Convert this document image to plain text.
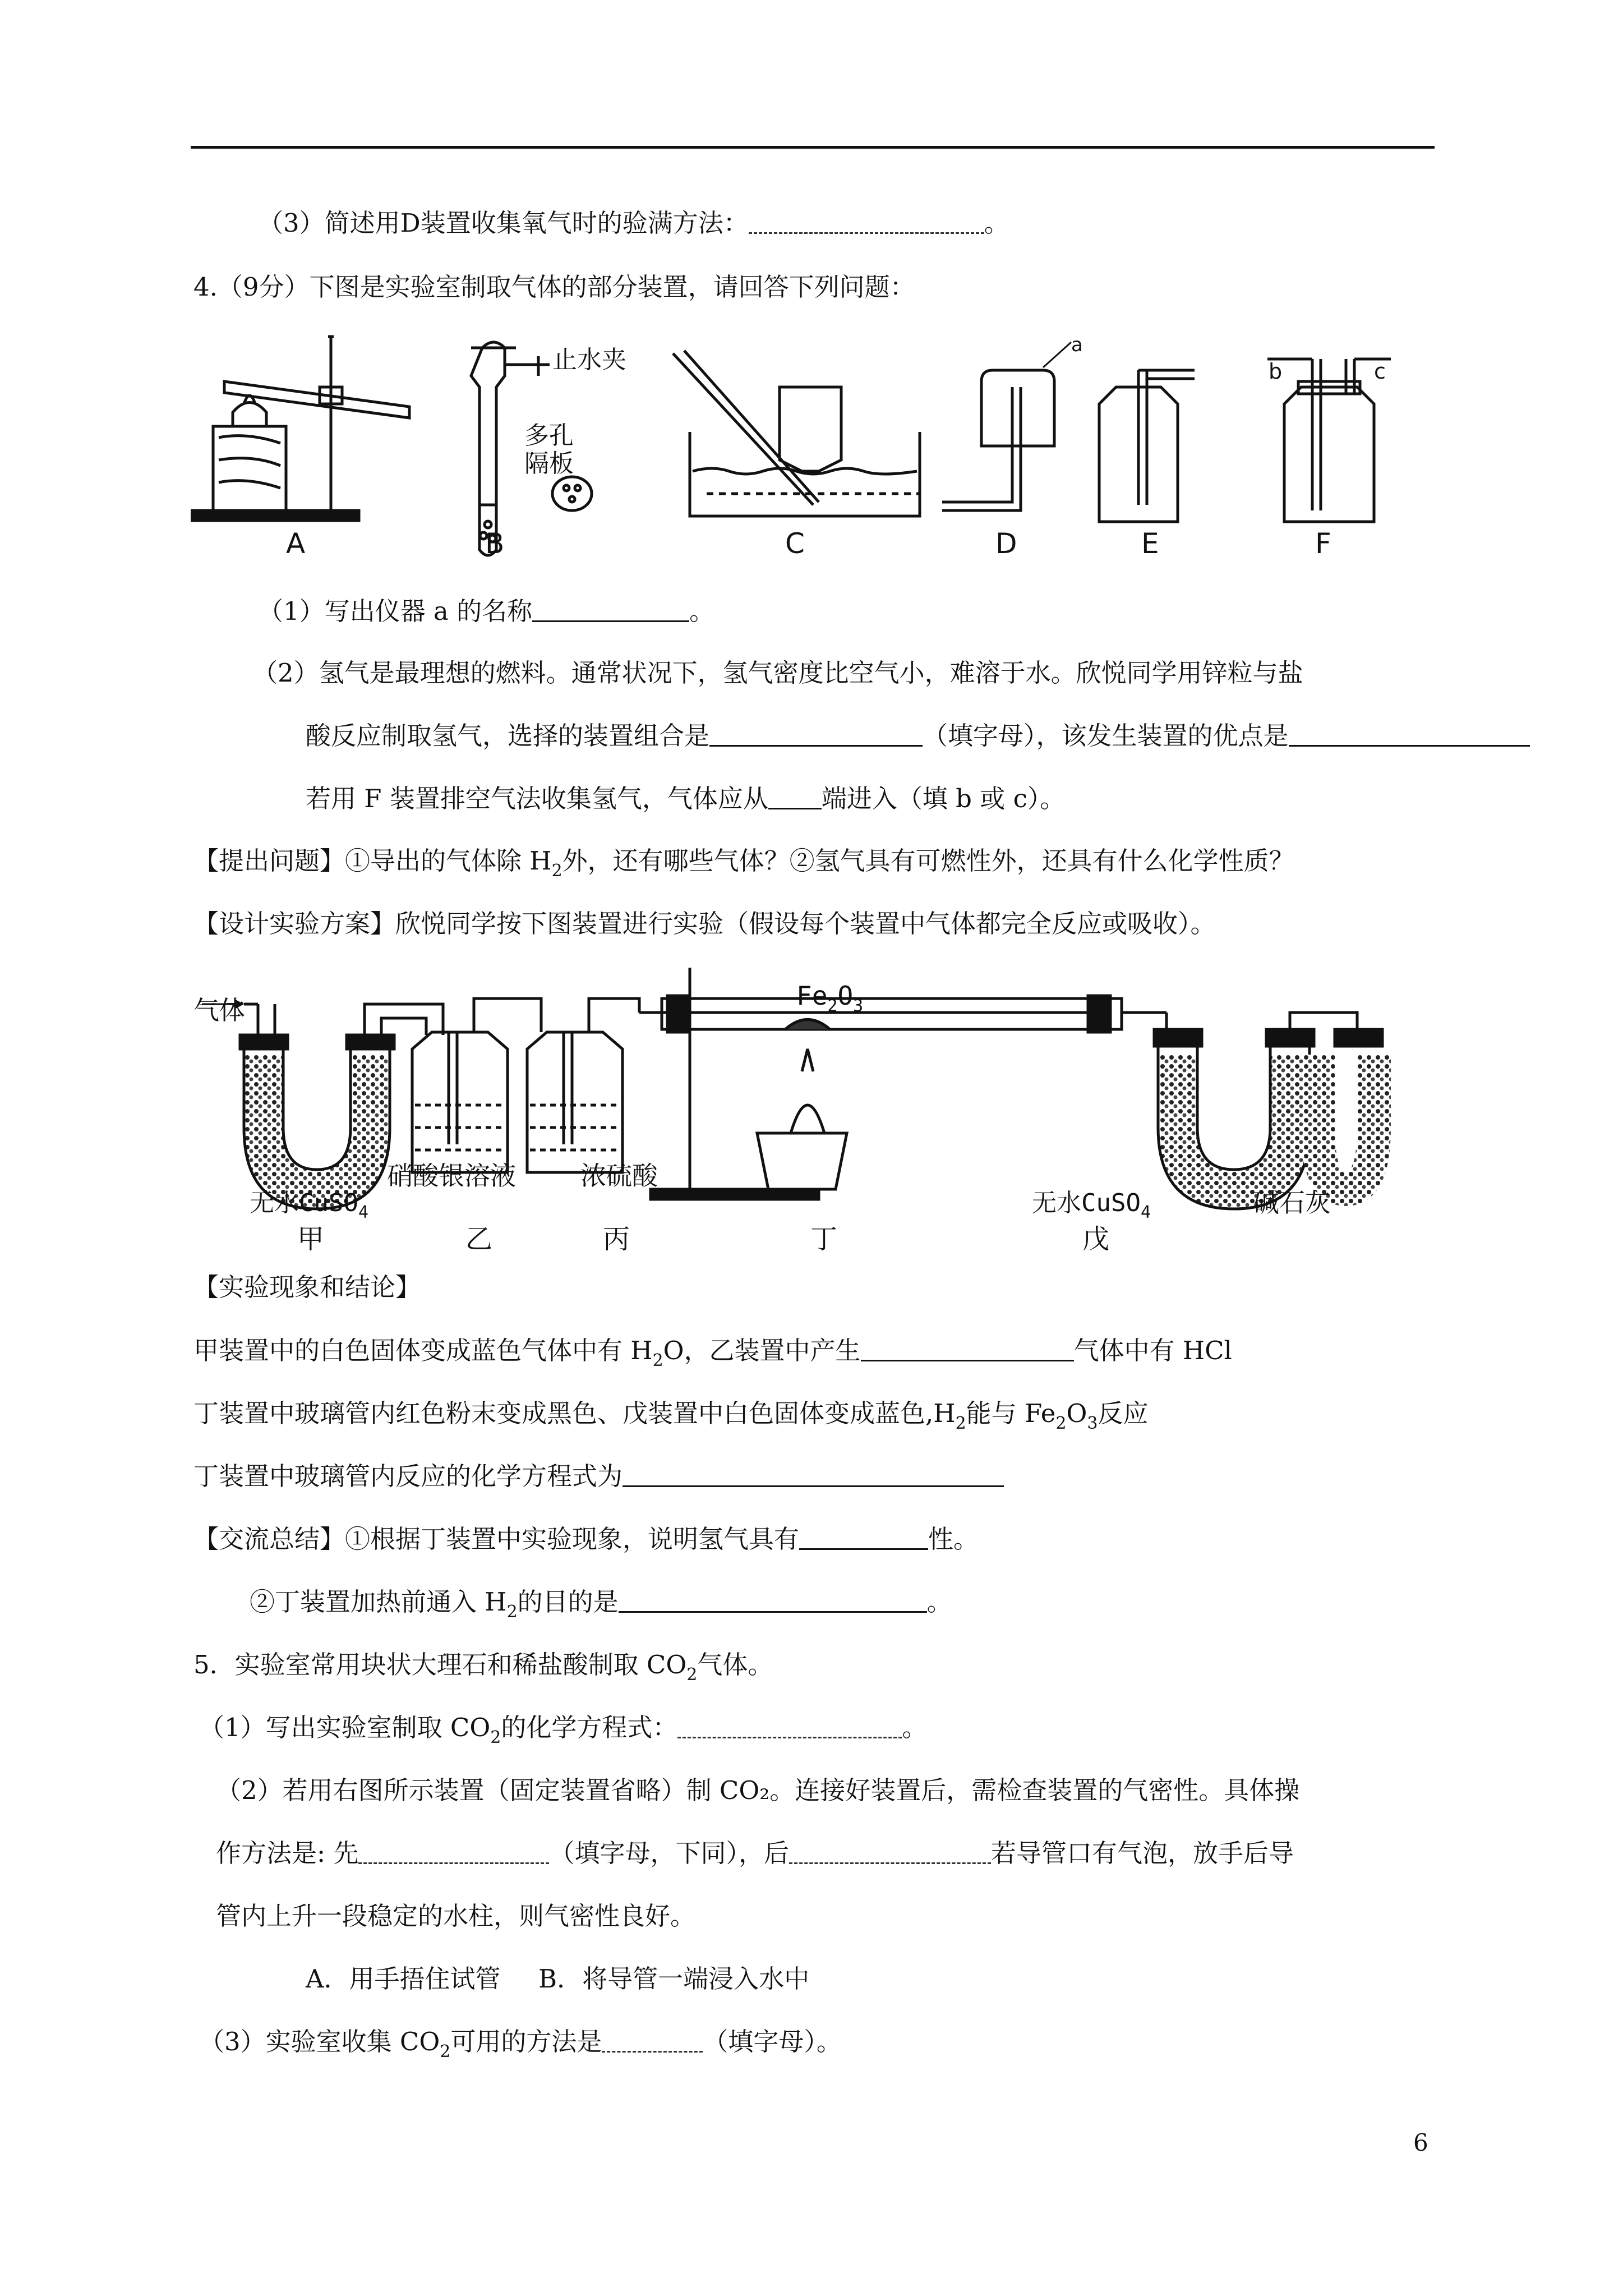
（3）简述用D装置收集氧气时的验满方法：	。
4.（9分）下图是实验室制取气体的部分装置，请回答下列问题：
A	B	C	D	E	F
止水夹
多孔
隔板
a
b	c
（1）写出仪器 a 的名称	。
（2）氢气是最理想的燃料。通常状况下，氢气密度比空气小，难溶于水。欣悦同学用锌粒与盐
酸反应制取氢气，选择的装置组合是	（填字母），该发生装置的优点是
若用 F 装置排空气法收集氢气，气体应从 端进入（填 b 或 c）。
【提出问题】①导出的气体除 $H_2$外，还有哪些气体？②氢气具有可燃性外，还具有什么化学性质？
【设计实验方案】欣悦同学按下图装置进行实验（假设每个装置中气体都完全反应或吸收）。
气体	$Fe_2O_3$
无水CuSO$_4$
硝酸银溶液	浓硫酸
无水CuSO$_4$	碱石灰
甲	乙	丙	丁	戊
【实验现象和结论】
甲装置中的白色固体变成蓝色气体中有 $H_2O$，乙装置中产生	气体中有 HCl
丁装置中玻璃管内红色粉末变成黑色、戊装置中白色固体变成蓝色$,H_2$能与 $Fe_2O_3$反应
丁装置中玻璃管内反应的化学方程式为
【交流总结】①根据丁装置中实验现象，说明氢气具有	性。
②丁装置加热前通入 $H_2$的目的是	。
5．实验室常用块状大理石和稀盐酸制取 $CO_2$气体。
（1）写出实验室制取 $CO_2$的化学方程式：	。
（2）若用右图所示装置（固定装置省略）制 CO₂。连接好装置后，需检查装置的气密性。具体操
作方法是: 先	（填字母，下同），后	若导管口有气泡，放手后导
管内上升一段稳定的水柱，则气密性良好。
A．用手捂住试管 B．将导管一端浸入水中
（3）实验室收集 $CO_2$可用的方法是	（填字母）。
6
